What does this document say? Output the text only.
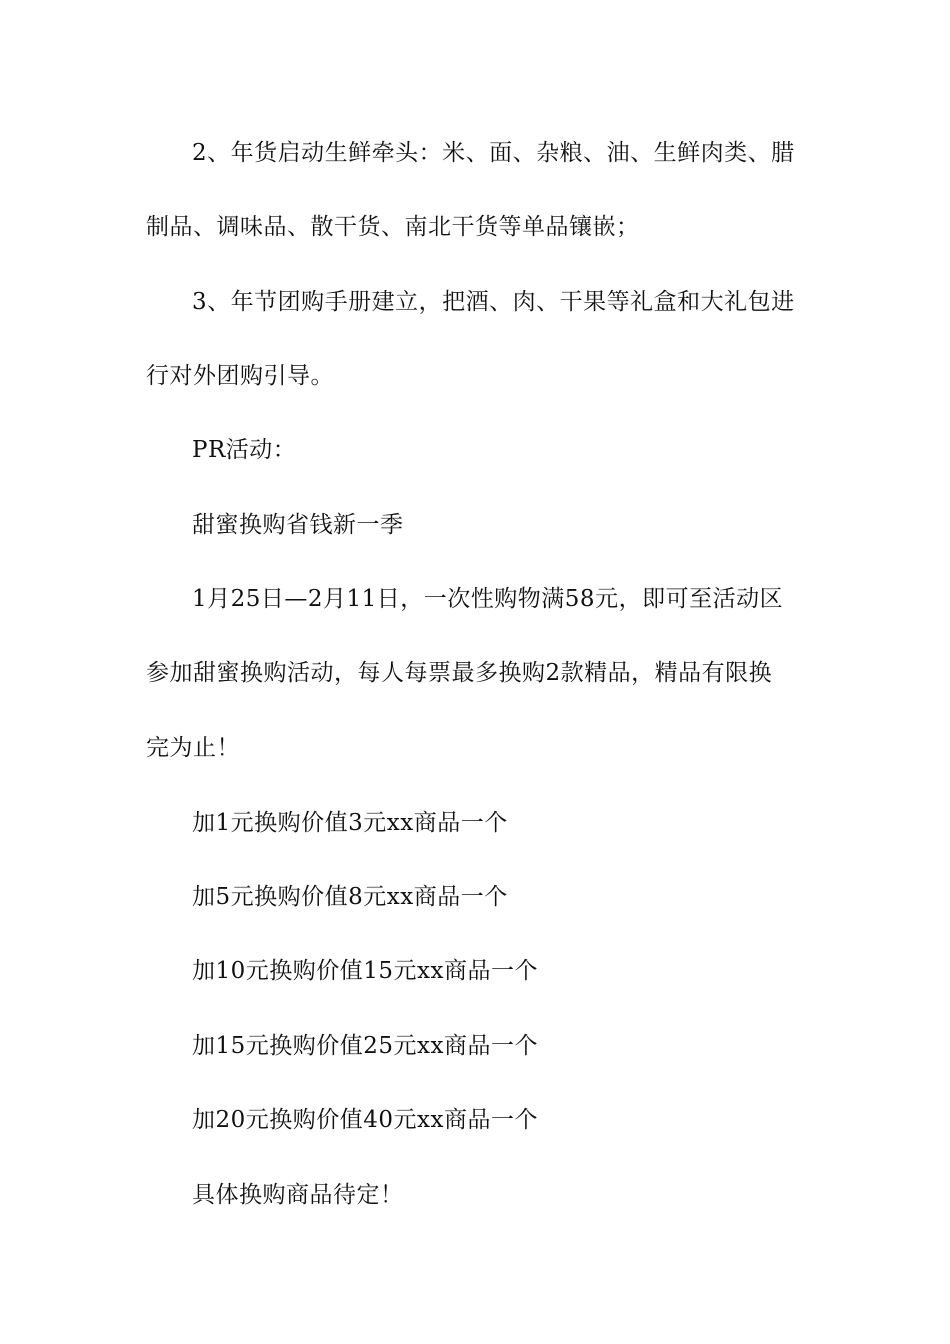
2、年货启动生鲜牵头：米、面、杂粮、油、生鲜肉类、腊
制品、调味品、散干货、南北干货等单品镶嵌；
3、年节团购手册建立，把酒、肉、干果等礼盒和大礼包进
行对外团购引导。
PR活动：
甜蜜换购省钱新一季
1月25日—2月11日，一次性购物满58元，即可至活动区
参加甜蜜换购活动，每人每票最多换购2款精品，精品有限换
完为止！
加1元换购价值3元xx商品一个
加5元换购价值8元xx商品一个
加10元换购价值15元xx商品一个
加15元换购价值25元xx商品一个
加20元换购价值40元xx商品一个
具体换购商品待定！
